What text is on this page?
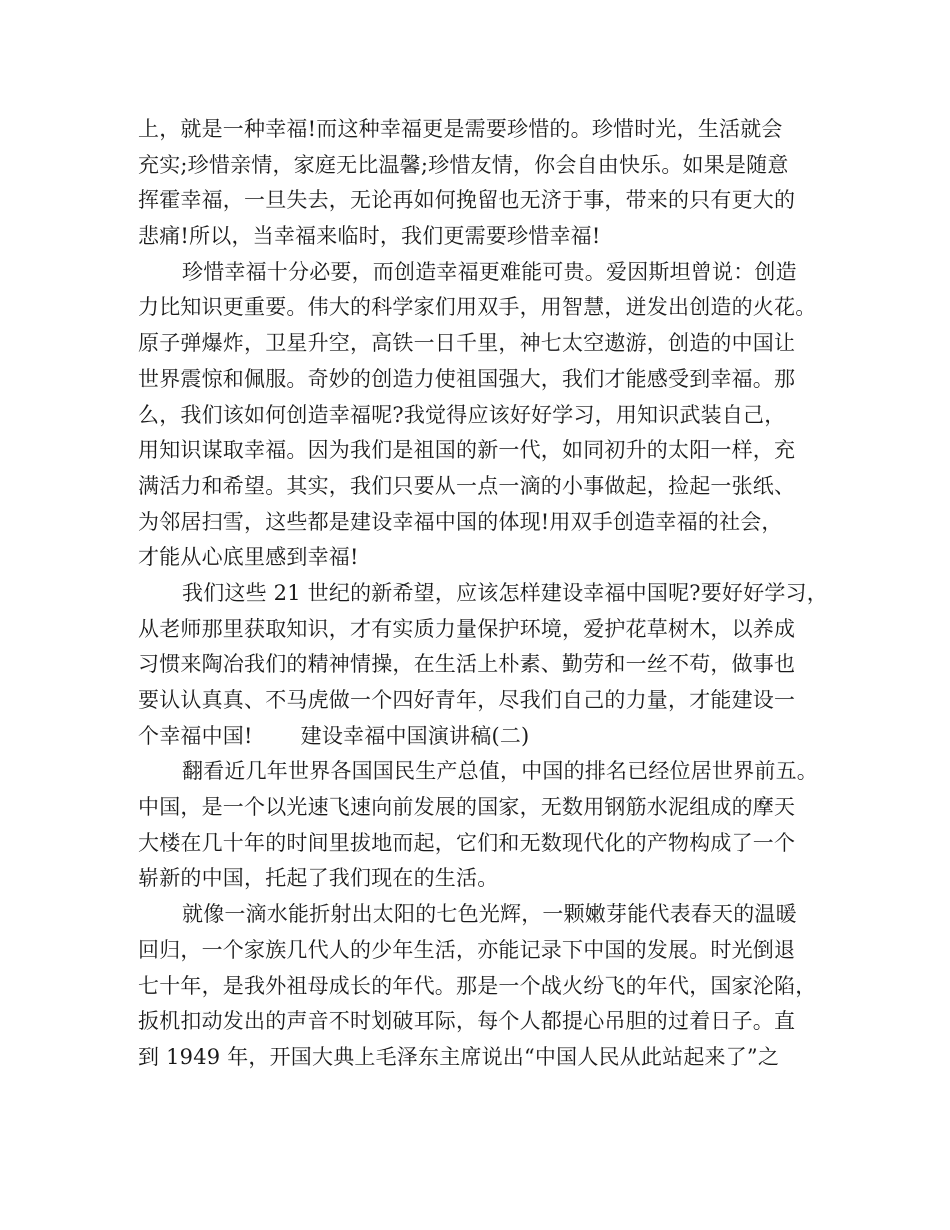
上，就是一种幸福!而这种幸福更是需要珍惜的。珍惜时光，生活就会
充实;珍惜亲情，家庭无比温馨;珍惜友情，你会自由快乐。如果是随意
挥霍幸福，一旦失去，无论再如何挽留也无济于事，带来的只有更大的
悲痛!所以，当幸福来临时，我们更需要珍惜幸福!
珍惜幸福十分必要，而创造幸福更难能可贵。爱因斯坦曾说：创造
力比知识更重要。伟大的科学家们用双手，用智慧，迸发出创造的火花。
原子弹爆炸，卫星升空，高铁一日千里，神七太空遨游，创造的中国让
世界震惊和佩服。奇妙的创造力使祖国强大，我们才能感受到幸福。那
么，我们该如何创造幸福呢?我觉得应该好好学习，用知识武装自己，
用知识谋取幸福。因为我们是祖国的新一代，如同初升的太阳一样，充
满活力和希望。其实，我们只要从一点一滴的小事做起，捡起一张纸、
为邻居扫雪，这些都是建设幸福中国的体现!用双手创造幸福的社会，
才能从心底里感到幸福!
我们这些 21 世纪的新希望，应该怎样建设幸福中国呢?要好好学习，
从老师那里获取知识，才有实质力量保护环境，爱护花草树木，以养成
习惯来陶冶我们的精神情操，在生活上朴素、勤劳和一丝不苟，做事也
要认认真真、不马虎做一个四好青年，尽我们自己的力量，才能建设一
个幸福中国! 建设幸福中国演讲稿(二)
翻看近几年世界各国国民生产总值，中国的排名已经位居世界前五。
中国，是一个以光速飞速向前发展的国家，无数用钢筋水泥组成的摩天
大楼在几十年的时间里拔地而起，它们和无数现代化的产物构成了一个
崭新的中国，托起了我们现在的生活。
就像一滴水能折射出太阳的七色光辉，一颗嫩芽能代表春天的温暖
回归，一个家族几代人的少年生活，亦能记录下中国的发展。时光倒退
七十年，是我外祖母成长的年代。那是一个战火纷飞的年代，国家沦陷，
扳机扣动发出的声音不时划破耳际，每个人都提心吊胆的过着日子。直
到 1949 年，开国大典上毛泽东主席说出“中国人民从此站起来了”之
